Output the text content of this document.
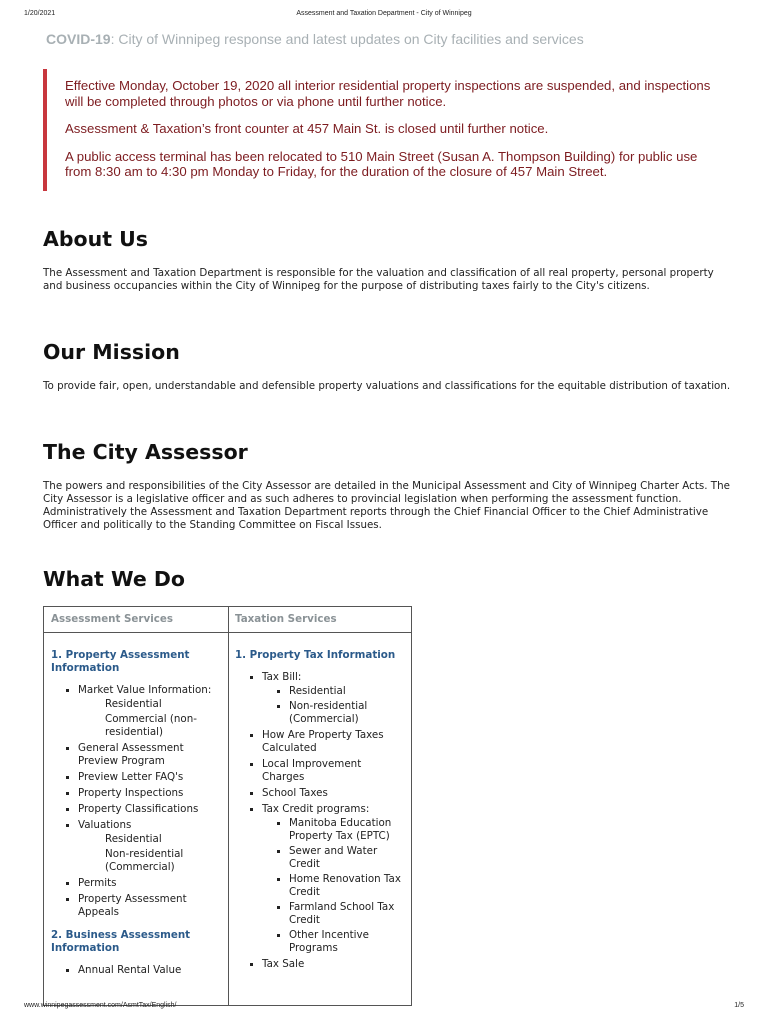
1/20/2021	Assessment and Taxation Department - City of Winnipeg
COVID-19: City of Winnipeg response and latest updates on City facilities and services

Effective Monday, October 19, 2020 all interior residential property inspections are suspended, and inspections will be completed through photos or via phone until further notice.

Assessment & Taxation’s front counter at 457 Main St. is closed until further notice.

A public access terminal has been relocated to 510 Main Street (Susan A. Thompson Building) for public use from 8:30 am to 4:30 pm Monday to Friday, for the duration of the closure of 457 Main Street.

About Us

The Assessment and Taxation Department is responsible for the valuation and classification of all real property, personal property and business occupancies within the City of Winnipeg for the purpose of distributing taxes fairly to the City's citizens.

Our Mission

To provide fair, open, understandable and defensible property valuations and classifications for the equitable distribution of taxation.

The City Assessor

The powers and responsibilities of the City Assessor are detailed in the Municipal Assessment and City of Winnipeg Charter Acts. The City Assessor is a legislative officer and as such adheres to provincial legislation when performing the assessment function. Administratively the Assessment and Taxation Department reports through the Chief Financial Officer to the Chief Administrative Officer and politically to the Standing Committee on Fiscal Issues.

What We Do
Assessment Services
1. Property Assessment Information
Market Value Information:
Residential
Commercial (non-residential)
General Assessment Preview Program
Preview Letter FAQ's
Property Inspections
Property Classifications
Valuations
Residential
Non-residential (Commercial)
Permits
Property Assessment Appeals
2. Business Assessment Information
Annual Rental Value
Taxation Services
1. Property Tax Information
Tax Bill:
Residential
Non-residential (Commercial)
How Are Property Taxes Calculated
Local Improvement Charges
School Taxes
Tax Credit programs:
Manitoba Education Property Tax (EPTC)
Sewer and Water Credit
Home Renovation Tax Credit
Farmland School Tax Credit
Other Incentive Programs
Tax Sale
www.winnipegassessment.com/AsmtTax/English/	1/5
